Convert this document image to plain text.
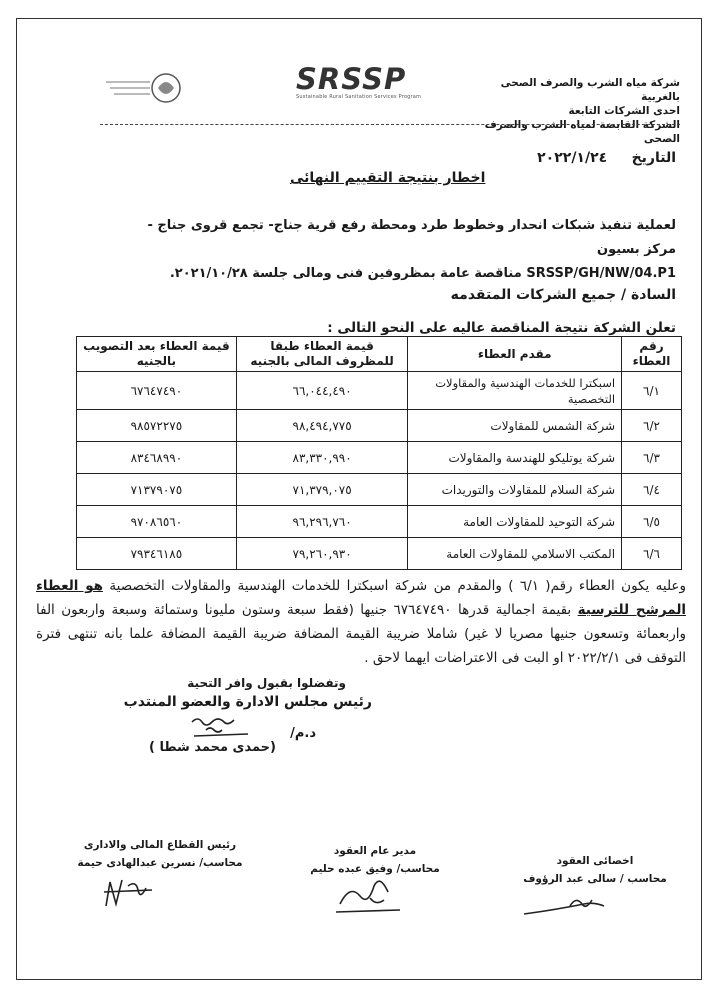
SRSSP
Sustainable Rural Sanitation Services Program
شركة مياه الشرب والصرف الصحى بالغربية
احدى الشركات التابعة
الشركة القابضة لمياه الشرب والصرف الصحى
التاريخ     ٢٠٢٢/١/٢٤
اخطار بنتيجة التقييم النهائى
لعملية تنفيذ شبكات انحدار وخطوط طرد ومحطة رفع قرية جناج- تجمع قروى جناج - مركز بسيون
SRSSP/GH/NW/04.P1 مناقصة عامة بمظروفين فنى ومالى جلسة ٢٠٢١/١٠/٢٨.
السادة / جميع الشركات المتقدمه
تعلن الشركة نتيجة المناقصة عاليه على النحو التالى :
رقم العطاء	مقدم العطاء	قيمة العطاء طبقا للمظروف المالى بالجنيه	قيمة العطاء بعد التصويب بالجنيه
٦/١	اسبكترا للخدمات الهندسية والمقاولات التخصصية	٦٦,٠٤٤,٤٩٠	٦٧٦٤٧٤٩٠
٦/٢	شركة الشمس للمقاولات	٩٨,٤٩٤,٧٧٥	٩٨٥٧٢٢٧٥
٦/٣	شركة يوتليكو للهندسة والمقاولات	٨٣,٣٣٠,٩٩٠	٨٣٤٦٨٩٩٠
٦/٤	شركة السلام للمقاولات والتوريدات	٧١,٣٧٩,٠٧٥	٧١٣٧٩٠٧٥
٦/٥	شركة التوحيد للمقاولات العامة	٩٦,٢٩٦,٧٦٠	٩٧٠٨٦٥٦٠
٦/٦	المكتب الاسلامي للمقاولات العامة	٧٩,٢٦٠,٩٣٠	٧٩٣٤٦١٨٥
وعليه يكون العطاء رقم( ٦/١ ) والمقدم من شركة اسبكترا للخدمات الهندسية والمقاولات التخصصية هو العطاء المرشح للترسية بقيمة اجمالية قدرها ٦٧٦٤٧٤٩٠ جنيها (فقط سبعة وستون مليونا وستمائة وسبعة واربعون الفا واربعمائة وتسعون جنيها مصريا لا غير) شاملا ضريبة القيمة المضافة ضريبة القيمة المضافة علما بانه تنتهى فترة التوقف فى ٢٠٢٢/٢/١ او البت فى الاعتراضات ايهما لاحق .
وتفضلوا بقبول وافر التحية
رئيس مجلس الادارة والعضو المنتدب
د.م/
(حمدى محمد شطا )
رئيس القطاع المالى والادارى
محاسب/ نسرين عبدالهادى حيمة
مدير عام العقود
محاسب/ وفيق عبده حليم
اخصائى العقود
محاسب / سالى عبد الرؤوف
